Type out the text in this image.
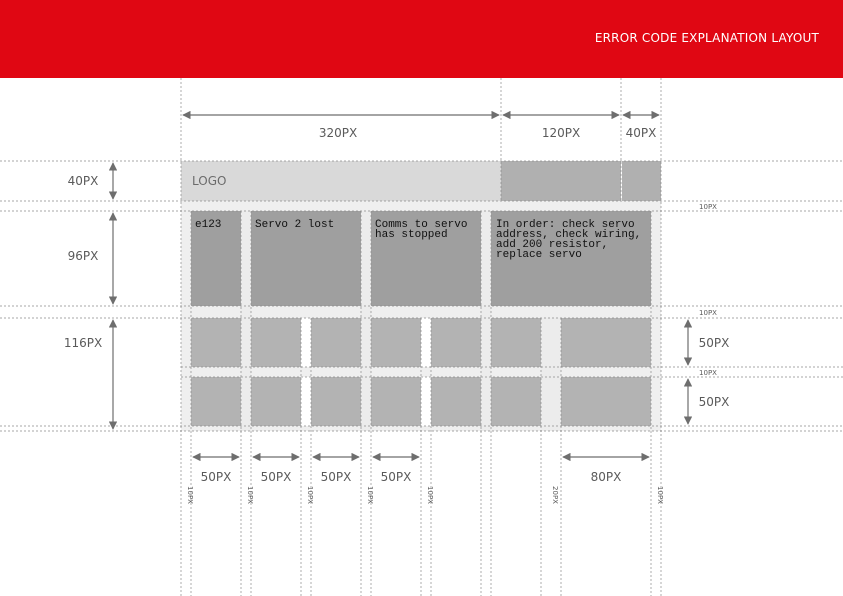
ERROR CODE EXPLANATION LAYOUT
LOGO
e123	Servo 2 lost	Comms to servo
has stopped
In order: check servo
address, check wiring,
add 200 resistor,
replace servo
320PX	120PX	40PX
40PX
96PX
116PX	50PX
50PX
10PX
10PX
10PX
50PX 50PX 50PX 50PX	80PX
10PX	10PX	10PX	10PX	10PX	20PX	10PX
